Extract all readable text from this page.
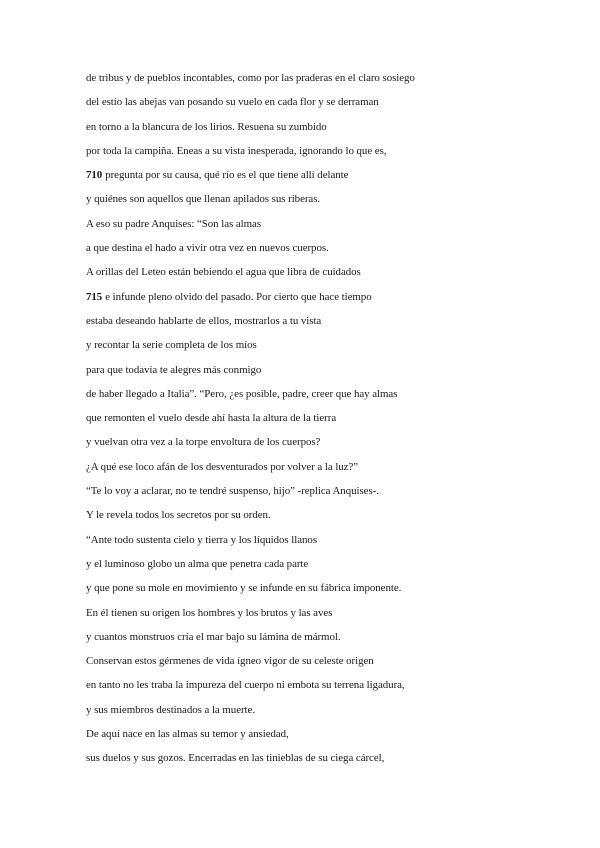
de tribus y de pueblos incontables, como por las praderas en el claro sosiego
del estío las abejas van posando su vuelo en cada flor y se derraman
en torno a la blancura de los lirios. Resuena su zumbido
por toda la campiña. Eneas a su vista inesperada, ignorando lo que es,
710 pregunta por su causa, qué río es el que tiene allí delante
y quiénes son aquellos que llenan apilados sus riberas.
A eso su padre Anquises: “Son las almas
a que destina el hado a vivir otra vez en nuevos cuerpos.
A orillas del Leteo están bebiendo el agua que libra de cuidados
715 e infunde pleno olvido del pasado. Por cierto que hace tiempo
estaba deseando hablarte de ellos, mostrarlos a tu vista
y recontar la serie completa de los míos
para que todavía te alegres más conmigo
de haber llegado a Italia”. “Pero, ¿es posible, padre, creer que hay almas
que remonten el vuelo desde ahí hasta la altura de la tierra
y vuelvan otra vez a la torpe envoltura de los cuerpos?
¿A qué ese loco afán de los desventurados por volver a la luz?”
“Te lo voy a aclarar, no te tendré suspenso, hijo” -replica Anquises-.
Y le revela todos los secretos por su orden.
“Ante todo sustenta cielo y tierra y los líquidos llanos
y el luminoso globo un alma que penetra cada parte
y que pone su mole en movimiento y se infunde en su fábrica imponente.
En él tienen su origen los hombres y los brutos y las aves
y cuantos monstruos cría el mar bajo su lámina de mármol.
Conservan estos gérmenes de vida ígneo vigor de su celeste origen
en tanto no les traba la impureza del cuerpo ni embota su terrena ligadura,
y sus miembros destinados a la muerte.
De aquí nace en las almas su temor y ansiedad,
sus duelos y sus gozos. Encerradas en las tinieblas de su ciega cárcel,
